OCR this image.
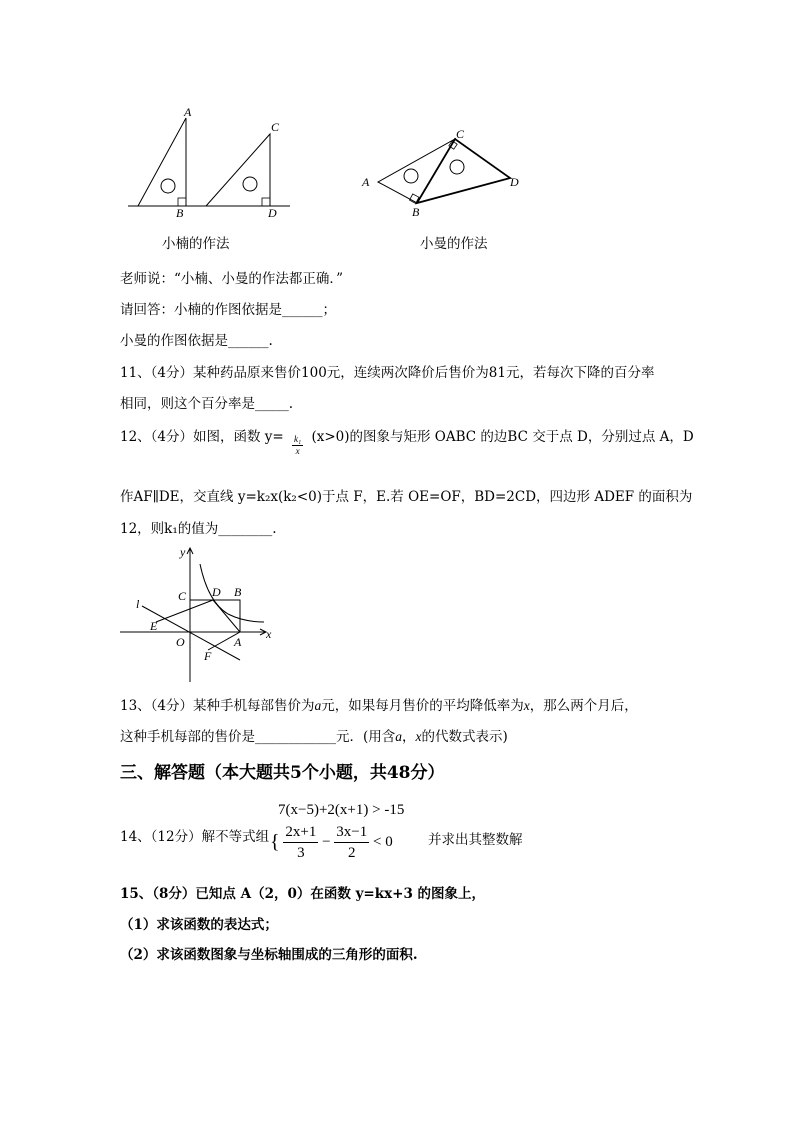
A
B
C
D
A
B
C
D
小楠的作法	小曼的作法
老师说：“小楠、小曼的作法都正确．”
请回答：小楠的作图依据是______；
小曼的作图依据是______.
11、（4分）某种药品原来售价100元，连续两次降价后售价为81元，若每次下降的百分率
相同，则这个百分率是_____.
12、（4分）如图，函数 $y= \frac{\text{k₁}}{x} (x>0)$的图象与矩形 OABC 的边BC 交于点 D，分别过点 A，D
作AF∥DE，交直线 y=k₂x(k₂<0)于点 F，E.若 OE=OF，BD=2CD，四边形 ADEF 的面积为
12，则k₁的值为________.
y
x
l
C D B
E
O	A
F
13、（4分）某种手机每部售价为a元，如果每月售价的平均降低率为x，那么两个月后，
这种手机每部的售价是____________元．(用含a，x的代数式表示)
三、解答题（本大题共5个小题，共48分）
7(x−5)+2(x+1) > -15
14、（12分）解不等式组 { $\frac{2x+1}{3} - \frac{3x-1}{2} < 0$	并求出其整数解
15、（8分）已知点 A（2，0）在函数 y=kx+3 的图象上，
（1）求该函数的表达式；
（2）求该函数图象与坐标轴围成的三角形的面积.
